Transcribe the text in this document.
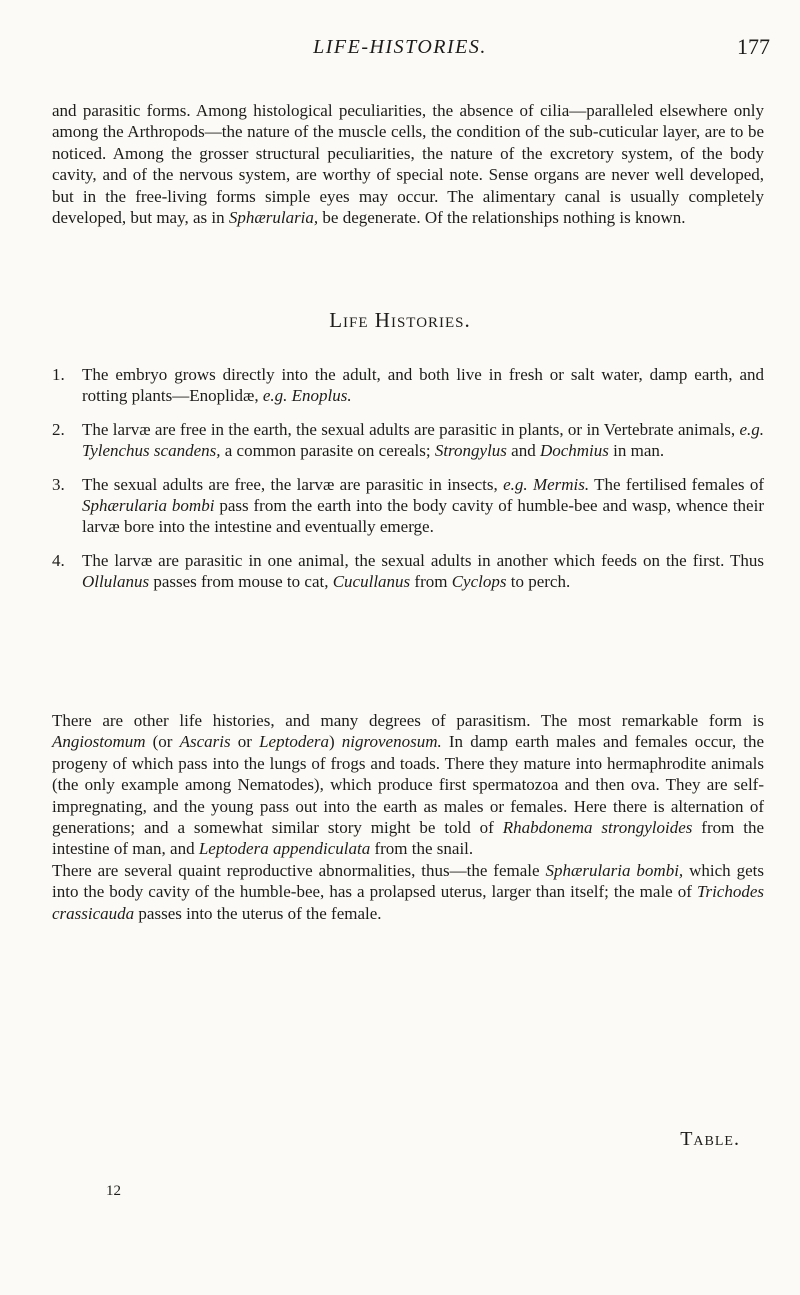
LIFE-HISTORIES.	177
and parasitic forms. Among histological peculiarities, the absence of cilia—paralleled elsewhere only among the Arthropods—the nature of the muscle cells, the condition of the sub-cuticular layer, are to be noticed. Among the grosser structural peculiarities, the nature of the excretory system, of the body cavity, and of the nervous system, are worthy of special note. Sense organs are never well developed, but in the free-living forms simple eyes may occur. The alimentary canal is usually completely developed, but may, as in Sphærularia, be degenerate. Of the relationships nothing is known.
Life Histories.
1. The embryo grows directly into the adult, and both live in fresh or salt water, damp earth, and rotting plants—Enoplidæ, e.g. Enoplus.
2. The larvæ are free in the earth, the sexual adults are parasitic in plants, or in Vertebrate animals, e.g. Tylenchus scandens, a common parasite on cereals; Strongylus and Dochmius in man.
3. The sexual adults are free, the larvæ are parasitic in insects, e.g. Mermis. The fertilised females of Sphærularia bombi pass from the earth into the body cavity of humble-bee and wasp, whence their larvæ bore into the intestine and eventually emerge.
4. The larvæ are parasitic in one animal, the sexual adults in another which feeds on the first. Thus Ollulanus passes from mouse to cat, Cucullanus from Cyclops to perch.

There are other life histories, and many degrees of parasitism. The most remarkable form is Angiostomum (or Ascaris or Leptodera) nigrovenosum. In damp earth males and females occur, the progeny of which pass into the lungs of frogs and toads. There they mature into hermaphrodite animals (the only example among Nematodes), which produce first spermatozoa and then ova. They are self-impregnating, and the young pass out into the earth as males or females. Here there is alternation of generations; and a somewhat similar story might be told of Rhabdonema strongyloides from the intestine of man, and Leptodera appendiculata from the snail.

There are several quaint reproductive abnormalities, thus—the female Sphærularia bombi, which gets into the body cavity of the humble-bee, has a prolapsed uterus, larger than itself; the male of Trichodes crassicauda passes into the uterus of the female.

Table.
12
